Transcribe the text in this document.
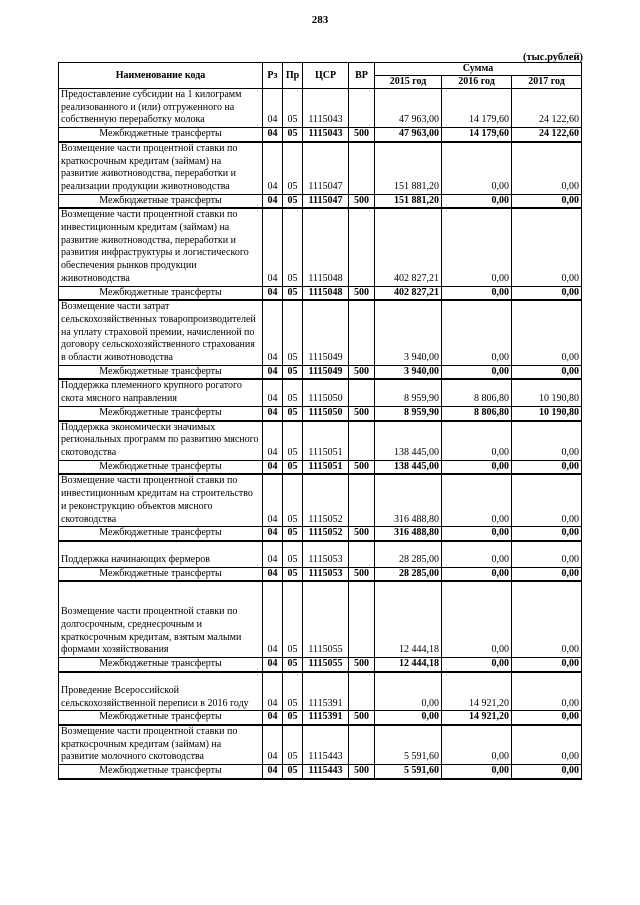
283
(тыс.рублей)
Наименование кода	Рз	Пр	ЦСР	ВР	Сумма		
					2015 год	2016 год	2017 год
Предоставление субсидии на 1 килограмм реализованного и (или) отгруженного на собственную переработку молока	04	05	1115043		47 963,00	14 179,60	24 122,60
Межбюджетные трансферты	04	05	1115043	500	47 963,00	14 179,60	24 122,60
Возмещение части процентной ставки по краткосрочным кредитам (займам) на развитие животноводства, переработки и реализации продукции животноводства	04	05	1115047		151 881,20	0,00	0,00
Межбюджетные трансферты	04	05	1115047	500	151 881,20	0,00	0,00
Возмещение части процентной ставки по инвестиционным кредитам (займам) на развитие животноводства, переработки и развития инфраструктуры и логистического обеспечения рынков продукции животноводства	04	05	1115048		402 827,21	0,00	0,00
Межбюджетные трансферты	04	05	1115048	500	402 827,21	0,00	0,00
Возмещение части затрат сельскохозяйственных товаропроизводителей на уплату страховой премии, начисленной по договору сельскохозяйственного страхования в области животноводства	04	05	1115049		3 940,00	0,00	0,00
Межбюджетные трансферты	04	05	1115049	500	3 940,00	0,00	0,00
Поддержка племенного крупного рогатого скота мясного направления	04	05	1115050		8 959,90	8 806,80	10 190,80
Межбюджетные трансферты	04	05	1115050	500	8 959,90	8 806,80	10 190,80
Поддержка экономически значимых региональных программ по развитию мясного скотоводства	04	05	1115051		138 445,00	0,00	0,00
Межбюджетные трансферты	04	05	1115051	500	138 445,00	0,00	0,00
Возмещение части процентной ставки по инвестиционным кредитам на строительство и реконструкцию объектов мясного скотоводства	04	05	1115052		316 488,80	0,00	0,00
Межбюджетные трансферты	04	05	1115052	500	316 488,80	0,00	0,00

Поддержка начинающих фермеров	04	05	1115053		28 285,00	0,00	0,00
Межбюджетные трансферты	04	05	1115053	500	28 285,00	0,00	0,00

Возмещение части процентной ставки по долгосрочным, среднесрочным и краткосрочным кредитам, взятым малыми формами хозяйствования	04	05	1115055		12 444,18	0,00	0,00
Межбюджетные трансферты	04	05	1115055	500	12 444,18	0,00	0,00

Проведение Всероссийской сельскохозяйственной переписи в 2016 году	04	05	1115391		0,00	14 921,20	0,00
Межбюджетные трансферты	04	05	1115391	500	0,00	14 921,20	0,00
Возмещение части процентной ставки по краткосрочным кредитам (займам) на развитие молочного скотоводства	04	05	1115443		5 591,60	0,00	0,00
Межбюджетные трансферты	04	05	1115443	500	5 591,60	0,00	0,00
